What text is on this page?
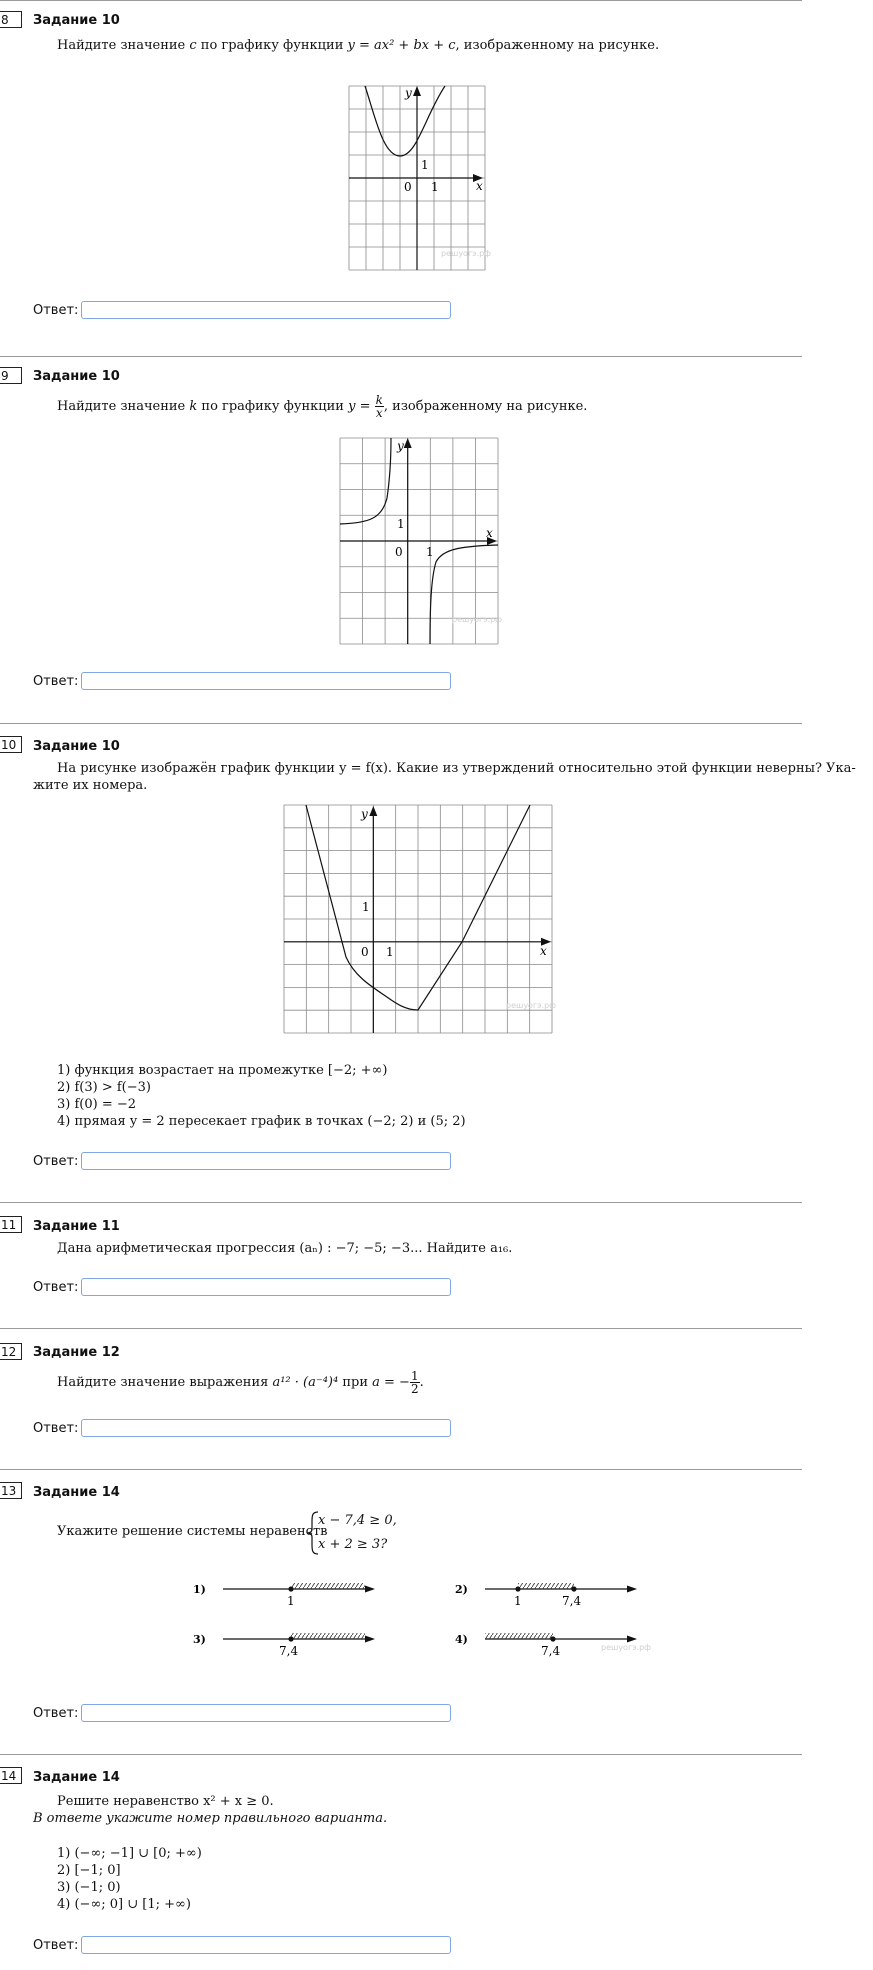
8	Задание 10
Найдите значение c по графику функции y = ax² + bx + c, изображенному на рисунке.
y
x
0 1
1
решуогэ.рф
Ответ:
9	Задание 10
Найдите значение k по графику функции $y = \frac{k}{x}$ , изображенному на рисунке.
y
x
0 1
1
решуогэ.рф
Ответ:
10	Задание 10
На рисунке изображён график функции y = f(x). Какие из утверждений относительно этой функции неверны? Ука-
жите их номера.
y
x
0 1
1
решуогэ.рф
1) функция возрастает на промежутке [−2; +∞)
2) f(3) > f(−3)
3) f(0) = −2
4) прямая y = 2 пересекает график в точках (−2; 2) и (5; 2)
Ответ:
11	Задание 11
Дана арифметическая прогрессия (aₙ) : −7; −5; −3... Найдите a₁₆.
Ответ:
12	Задание 12
Найдите значение выражения a¹² · (a⁻⁴)⁴ при a = − $\frac{1}{2}$ .
Ответ:
13	Задание 14
Укажите решение системы неравенств
x − 7,4 ≥ 0,
x + 2 ≥ 3?
1)
1
2)
1	7,4
3)
7,4
4)
7,4	решуогэ.рф
Ответ:
14	Задание 14
Решите неравенство x² + x ≥ 0.
В ответе укажите номер правильного варианта.
1) (−∞; −1] ∪ [0; +∞)
2) [−1; 0]
3) (−1; 0)
4) (−∞; 0] ∪ [1; +∞)
Ответ:
